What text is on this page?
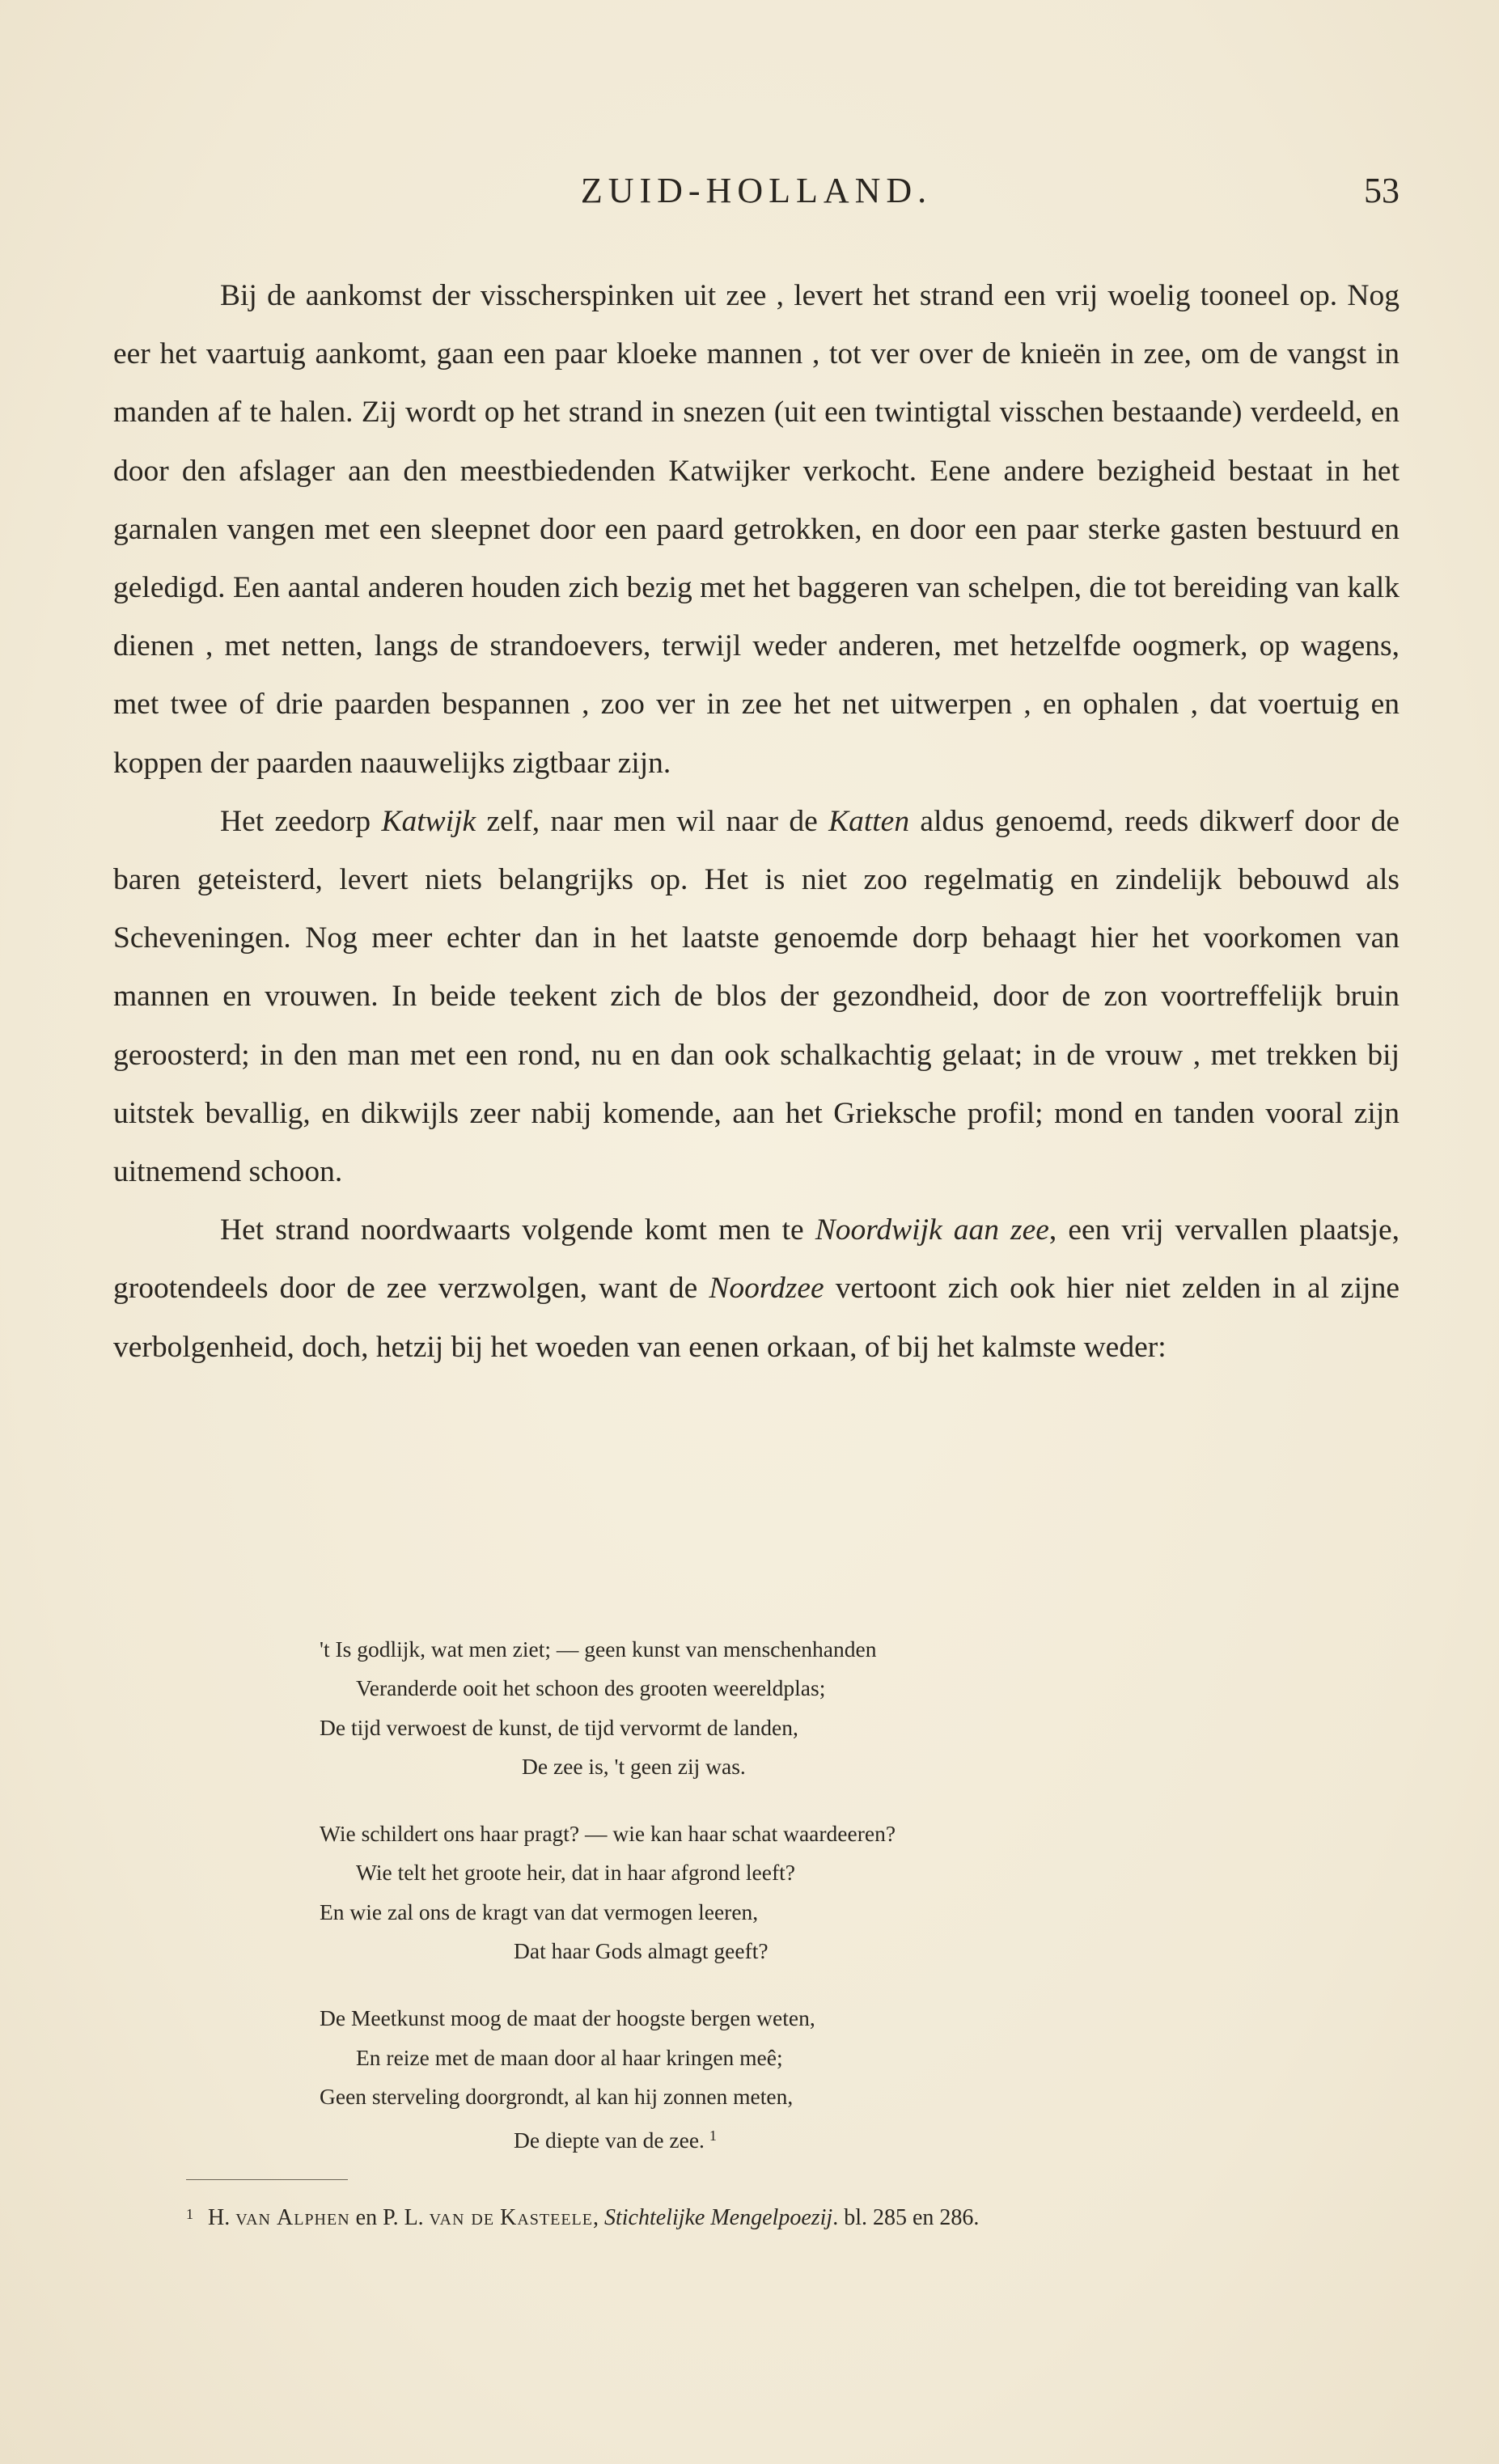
ZUID-HOLLAND.	53

Bij de aankomst der visscherspinken uit zee , levert het strand een vrij woelig tooneel op. Nog eer het vaartuig aankomt, gaan een paar kloeke mannen , tot ver over de knieën in zee, om de vangst in manden af te halen. Zij wordt op het strand in snezen (uit een twintigtal visschen bestaande) verdeeld, en door den afslager aan den meestbiedenden Katwijker verkocht. Eene andere bezigheid bestaat in het garnalen vangen met een sleepnet door een paard getrokken, en door een paar sterke gasten bestuurd en geledigd. Een aantal anderen houden zich bezig met het baggeren van schelpen, die tot bereiding van kalk dienen , met netten, langs de strandoevers, terwijl weder anderen, met hetzelfde oogmerk, op wagens, met twee of drie paarden bespannen , zoo ver in zee het net uitwerpen , en ophalen , dat voertuig en koppen der paarden naauwelijks zigtbaar zijn.

Het zeedorp Katwijk zelf, naar men wil naar de Katten aldus genoemd, reeds dikwerf door de baren geteisterd, levert niets belangrijks op. Het is niet zoo regelmatig en zindelijk bebouwd als Scheveningen. Nog meer echter dan in het laatste genoemde dorp behaagt hier het voorkomen van mannen en vrouwen. In beide teekent zich de blos der gezondheid, door de zon voortreffelijk bruin geroosterd; in den man met een rond, nu en dan ook schalkachtig gelaat; in de vrouw , met trekken bij uitstek bevallig, en dikwijls zeer nabij komende, aan het Grieksche profil; mond en tanden vooral zijn uitnemend schoon.

Het strand noordwaarts volgende komt men te Noordwijk aan zee, een vrij vervallen plaatsje, grootendeels door de zee verzwolgen, want de Noordzee vertoont zich ook hier niet zelden in al zijne verbolgenheid, doch, hetzij bij het woeden van eenen orkaan, of bij het kalmste weder:

't Is godlijk, wat men ziet; — geen kunst van menschenhanden
Veranderde ooit het schoon des grooten weereldplas;
De tijd verwoest de kunst, de tijd vervormt de landen,
De zee is, 't geen zij was.
Wie schildert ons haar pragt? — wie kan haar schat waardeeren?
Wie telt het groote heir, dat in haar afgrond leeft?
En wie zal ons de kragt van dat vermogen leeren,
Dat haar Gods almagt geeft?
De Meetkunst moog de maat der hoogste bergen weten,
En reize met de maan door al haar kringen meê;
Geen sterveling doorgrondt, al kan hij zonnen meten,
De diepte van de zee. $^1$
$^1$ H. van Alphen en P. L. van de Kasteele, Stichtelijke Mengelpoezij. bl. 285 en 286.
